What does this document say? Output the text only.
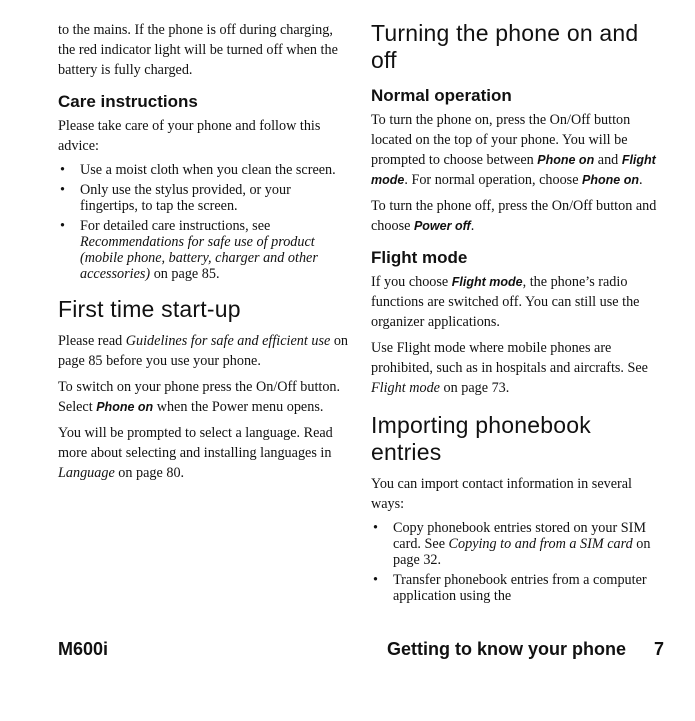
to the mains. If the phone is off during charging, the red indicator light will be turned off when the battery is fully charged.

Care instructions

Please take care of your phone and follow this advice:

• Use a moist cloth when you clean the screen.
• Only use the stylus provided, or your fingertips, to tap the screen.
• For detailed care instructions, see Recommendations for safe use of product (mobile phone, battery, charger and other accessories) on page 85.
First time start-up

Please read Guidelines for safe and efficient use on page 85 before you use your phone.

To switch on your phone press the On/Off button. Select Phone on when the Power menu opens.

You will be prompted to select a language. Read more about selecting and installing languages in Language on page 80.

Turning the phone on and off
Normal operation

To turn the phone on, press the On/Off button located on the top of your phone. You will be prompted to choose between Phone on and Flight mode. For normal operation, choose Phone on.

To turn the phone off, press the On/Off button and choose Power off.

Flight mode

If you choose Flight mode, the phone’s radio functions are switched off. You can still use the organizer applications.

Use Flight mode where mobile phones are prohibited, such as in hospitals and aircrafts. See Flight mode on page 73.

Importing phonebook entries

You can import contact information in several ways:

• Copy phonebook entries stored on your SIM card. See Copying to and from a SIM card on page 32.
• Transfer phonebook entries from a computer application using the
M600i	Getting to know your phone 7
